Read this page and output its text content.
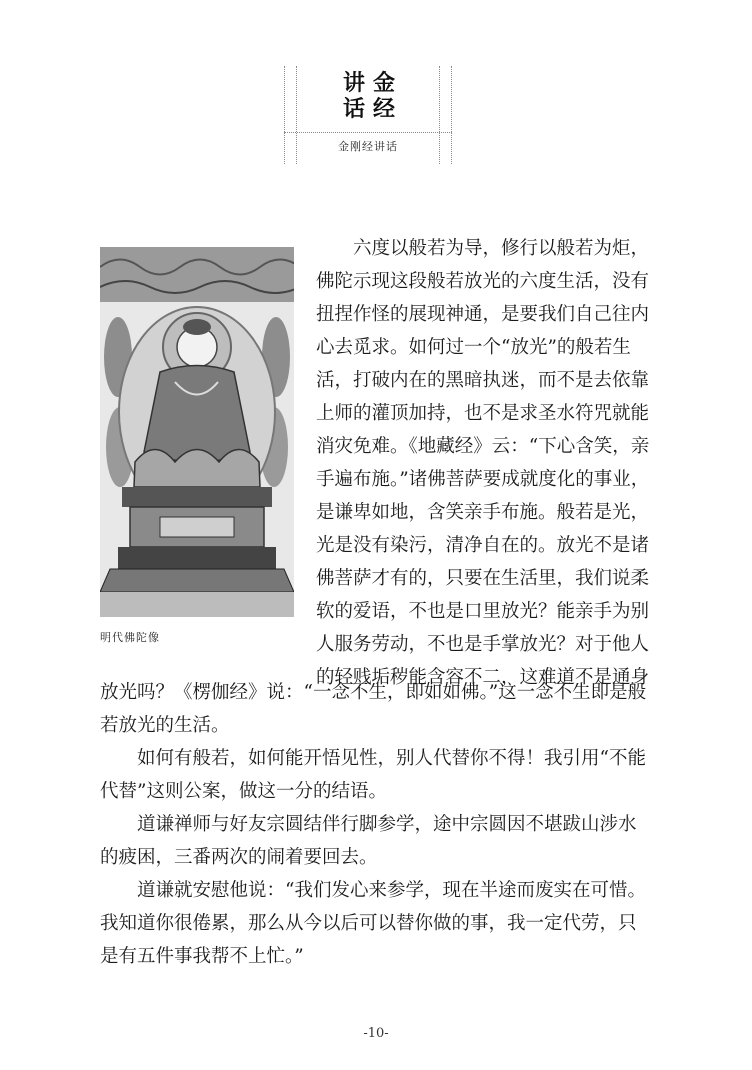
讲 金
话 经
金刚经讲话
明代佛陀像

六度以般若为导，修行以般若为炬，佛陀示现这段般若放光的六度生活，没有扭捏作怪的展现神通，是要我们自己往内心去觅求。如何过一个“放光”的般若生活，打破内在的黑暗执迷，而不是去依靠上师的灌顶加持，也不是求圣水符咒就能消灾免难。《地藏经》云：“下心含笑，亲手遍布施。”诸佛菩萨要成就度化的事业，是谦卑如地，含笑亲手布施。般若是光，光是没有染污，清净自在的。放光不是诸佛菩萨才有的，只要在生活里，我们说柔软的爱语，不也是口里放光？能亲手为别人服务劳动，不也是手掌放光？对于他人的轻贱垢秽能含容不二，这难道不是通身

放光吗？《楞伽经》说：“一念不生，即如如佛。”这一念不生即是般若放光的生活。

如何有般若，如何能开悟见性，别人代替你不得！我引用“不能代替”这则公案，做这一分的结语。

道谦禅师与好友宗圆结伴行脚参学，途中宗圆因不堪跋山涉水的疲困，三番两次的闹着要回去。

道谦就安慰他说：“我们发心来参学，现在半途而废实在可惜。我知道你很倦累，那么从今以后可以替你做的事，我一定代劳，只是有五件事我帮不上忙。”

-10-
